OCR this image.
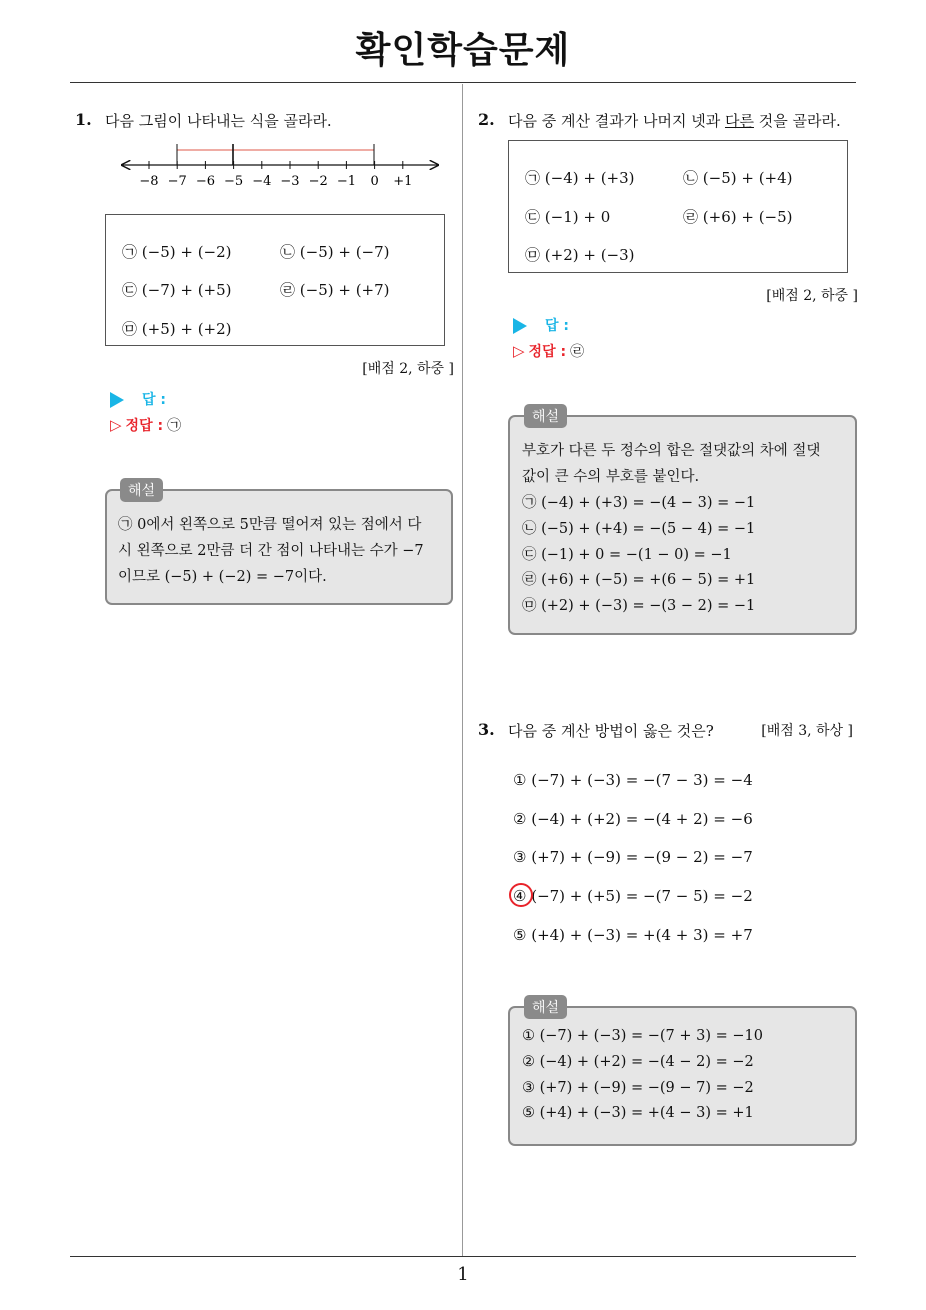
확인학습문제
1
1. 다음 그림이 나타내는 식을 골라라.
−8 −7 −6 −5 −4 −3 −2 −1 0 +1
㉠ (−5) + (−2)	㉡ (−5) + (−7)
㉢ (−7) + (+5)	㉣ (−5) + (+7)
㉤ (+5) + (+2)
[배점 2, 하중 ]
답 :
▷ 정답 : ㉠
㉠ 0에서 왼쪽으로 5만큼 떨어져 있는 점에서 다
시 왼쪽으로 2만큼 더 간 점이 나타내는 수가 −7
이므로 (−5) + (−2) = −7이다.
해설
2. 다음 중 계산 결과가 나머지 넷과 다른 것을 골라라.
㉠ (−4) + (+3)	㉡ (−5) + (+4)
㉢ (−1) + 0	㉣ (+6) + (−5)
㉤ (+2) + (−3)
[배점 2, 하중 ]
답 :
▷ 정답 : ㉣
부호가 다른 두 정수의 합은 절댓값의 차에 절댓
값이 큰 수의 부호를 붙인다.
㉠ (−4) + (+3) = −(4 − 3) = −1
㉡ (−5) + (+4) = −(5 − 4) = −1
㉢ (−1) + 0 = −(1 − 0) = −1
㉣ (+6) + (−5) = +(6 − 5) = +1
㉤ (+2) + (−3) = −(3 − 2) = −1
해설
3. 다음 중 계산 방법이 옳은 것은?	[배점 3, 하상 ]
① (−7) + (−3) = −(7 − 3) = −4
② (−4) + (+2) = −(4 + 2) = −6
③ (+7) + (−9) = −(9 − 2) = −7
④ (−7) + (+5) = −(7 − 5) = −2
⑤ (+4) + (−3) = +(4 + 3) = +7
① (−7) + (−3) = −(7 + 3) = −10
② (−4) + (+2) = −(4 − 2) = −2
③ (+7) + (−9) = −(9 − 7) = −2
⑤ (+4) + (−3) = +(4 − 3) = +1
해설
